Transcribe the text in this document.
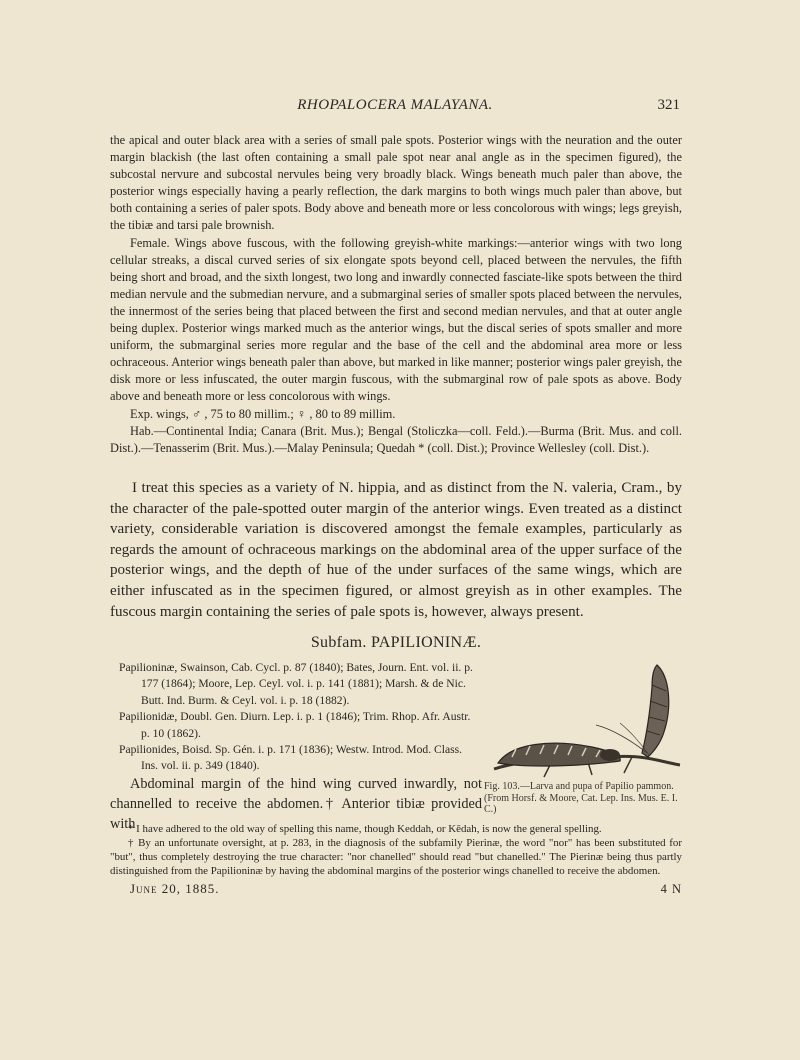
RHOPALOCERA MALAYANA.	321

the apical and outer black area with a series of small pale spots. Posterior wings with the neuration and the outer margin blackish (the last often containing a small pale spot near anal angle as in the specimen figured), the subcostal nervure and subcostal nervules being very broadly black. Wings beneath much paler than above, the posterior wings especially having a pearly reflection, the dark margins to both wings much paler than above, but both containing a series of paler spots. Body above and beneath more or less concolorous with wings; legs greyish, the tibiæ and tarsi pale brownish.

Female. Wings above fuscous, with the following greyish-white markings:—anterior wings with two long cellular streaks, a discal curved series of six elongate spots beyond cell, placed between the nervules, the fifth being short and broad, and the sixth longest, two long and inwardly connected fasciate-like spots between the third median nervule and the submedian nervure, and a submarginal series of smaller spots placed between the nervules, the innermost of the series being that placed between the first and second median nervules, and that at outer angle being duplex. Posterior wings marked much as the anterior wings, but the discal series of spots smaller and more uniform, the submarginal series more regular and the base of the cell and the abdominal area more or less ochraceous. Anterior wings beneath paler than above, but marked in like manner; posterior wings paler greyish, the disk more or less infuscated, the outer margin fuscous, with the submarginal row of pale spots as above. Body above and beneath more or less concolorous with wings.

Exp. wings, ♂ , 75 to 80 millim.; ♀ , 80 to 89 millim.

Hab.—Continental India; Canara (Brit. Mus.); Bengal (Stoliczka—coll. Feld.).—Burma (Brit. Mus. and coll. Dist.).—Tenasserim (Brit. Mus.).—Malay Peninsula; Quedah * (coll. Dist.); Province Wellesley (coll. Dist.).

I treat this species as a variety of N. hippia, and as distinct from the N. valeria, Cram., by the character of the pale-spotted outer margin of the anterior wings. Even treated as a distinct variety, considerable variation is discovered amongst the female examples, particularly as regards the amount of ochraceous markings on the abdominal area of the upper surface of the posterior wings, and the depth of hue of the under surfaces of the same wings, which are either infuscated as in the specimen figured, or almost greyish as in other examples. The fuscous margin containing the series of pale spots is, however, always present.

Subfam. PAPILIONINÆ.
Papilioninæ, Swainson, Cab. Cycl. p. 87 (1840); Bates, Journ. Ent. vol. ii. p. 177 (1864); Moore, Lep. Ceyl. vol. i. p. 141 (1881); Marsh. & de Nic. Butt. Ind. Burm. & Ceyl. vol. i. p. 18 (1882).
Papilionidæ, Doubl. Gen. Diurn. Lep. i. p. 1 (1846); Trim. Rhop. Afr. Austr. p. 10 (1862).
Papilionides, Boisd. Sp. Gén. i. p. 171 (1836); Westw. Introd. Mod. Class. Ins. vol. ii. p. 349 (1840).

Abdominal margin of the hind wing curved inwardly, not channelled to receive the abdomen.† Anterior tibiæ provided with

Fig. 103.—Larva and pupa of Papilio pammon. (From Horsf. & Moore, Cat. Lep. Ins. Mus. E. I. C.)

* I have adhered to the old way of spelling this name, though Keddah, or Kēdah, is now the general spelling.

† By an unfortunate oversight, at p. 283, in the diagnosis of the subfamily Pierinæ, the word "nor" has been substituted for "but", thus completely destroying the true character: "nor chanelled" should read "but chanelled." The Pierinæ being thus partly distinguished from the Papilioninæ by having the abdominal margins of the posterior wings chanelled to receive the abdomen.

June 20, 1885.	4 N
